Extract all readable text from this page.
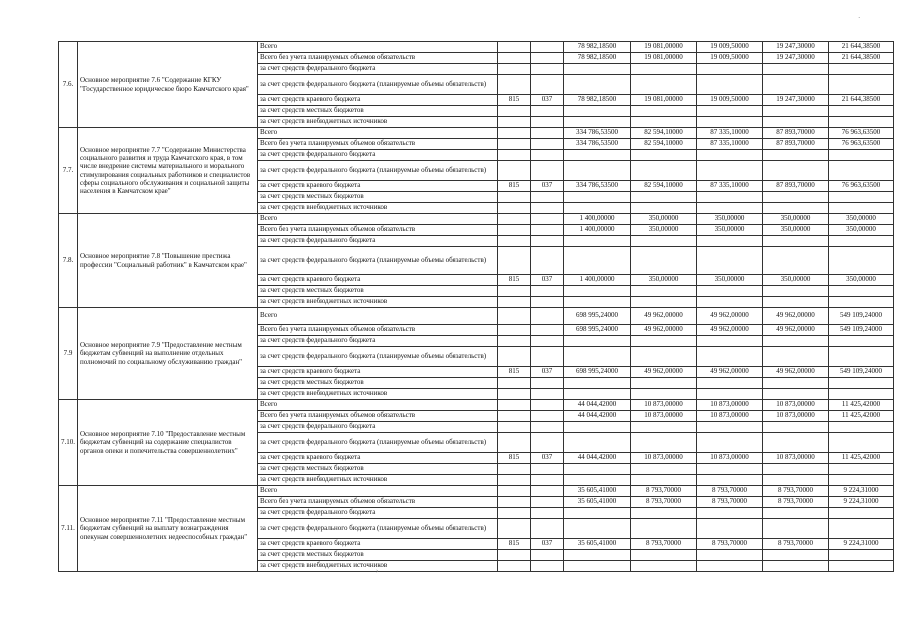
·
7.6.	Основное мероприятие 7.6 "Содержание КГКУ "Государственное юридическое бюро Камчатского края"	Всего			78 982,18500	19 081,00000	19 009,50000	19 247,30000	21 644,38500
		Всего без учета планируемых объемов обязательств			78 982,18500	19 081,00000	19 009,50000	19 247,30000	21 644,38500
		за счет средств федерального бюджета							
		за счет средств федерального бюджета (планируемые объемы обязательств)							
		за счет средств краевого бюджета	815	037	78 982,18500	19 081,00000	19 009,50000	19 247,30000	21 644,38500
		за счет средств местных бюджетов							
		за счет средств внебюджетных источников							
7.7.	Основное мероприятие 7.7 "Содержание Министерства социального развития и труда Камчатского края, в том числе внедрение системы материального и морального стимулирования социальных работников и специалистов сферы социального обслуживания и социальной защиты населения в Камчатском крае"	Всего			334 786,53500	82 594,10000	87 335,10000	87 893,70000	76 963,63500
		Всего без учета планируемых объемов обязательств			334 786,53500	82 594,10000	87 335,10000	87 893,70000	76 963,63500
		за счет средств федерального бюджета							
		за счет средств федерального бюджета (планируемые объемы обязательств)							
		за счет средств краевого бюджета	815	037	334 786,53500	82 594,10000	87 335,10000	87 893,70000	76 963,63500
		за счет средств местных бюджетов							
		за счет средств внебюджетных источников							
7.8.	Основное мероприятие 7.8 "Повышение престижа профессии "Социальный работник" в Камчатском крае"	Всего			1 400,00000	350,00000	350,00000	350,00000	350,00000
		Всего без учета планируемых объемов обязательств			1 400,00000	350,00000	350,00000	350,00000	350,00000
		за счет средств федерального бюджета							
		за счет средств федерального бюджета (планируемые объемы обязательств)							
		за счет средств краевого бюджета	815	037	1 400,00000	350,00000	350,00000	350,00000	350,00000
		за счет средств местных бюджетов							
		за счет средств внебюджетных источников							
7.9	Основное мероприятие 7.9 "Предоставление местным бюджетам субвенций на выполнение отдельных полномочий по социальному обслуживанию граждан"	Всего			698 995,24000	49 962,00000	49 962,00000	49 962,00000	549 109,24000
		Всего без учета планируемых объемов обязательств			698 995,24000	49 962,00000	49 962,00000	49 962,00000	549 109,24000
		за счет средств федерального бюджета							
		за счет средств федерального бюджета (планируемые объемы обязательств)							
		за счет средств краевого бюджета	815	037	698 995,24000	49 962,00000	49 962,00000	49 962,00000	549 109,24000
		за счет средств местных бюджетов							
		за счет средств внебюджетных источников							
7.10.	Основное мероприятие 7.10 "Предоставление местным бюджетам субвенций на содержание специалистов органов опеки и попечительства совершеннолетних"	Всего			44 044,42000	10 873,00000	10 873,00000	10 873,00000	11 425,42000
		Всего без учета планируемых объемов обязательств			44 044,42000	10 873,00000	10 873,00000	10 873,00000	11 425,42000
		за счет средств федерального бюджета							
		за счет средств федерального бюджета (планируемые объемы обязательств)							
		за счет средств краевого бюджета	815	037	44 044,42000	10 873,00000	10 873,00000	10 873,00000	11 425,42000
		за счет средств местных бюджетов							
		за счет средств внебюджетных источников							
7.11.	Основное мероприятие 7.11 "Предоставление местным бюджетам субвенций на выплату вознаграждения опекунам совершеннолетних недееспособных граждан"	Всего			35 605,41000	8 793,70000	8 793,70000	8 793,70000	9 224,31000
		Всего без учета планируемых объемов обязательств			35 605,41000	8 793,70000	8 793,70000	8 793,70000	9 224,31000
		за счет средств федерального бюджета							
		за счет средств федерального бюджета (планируемые объемы обязательств)							
		за счет средств краевого бюджета	815	037	35 605,41000	8 793,70000	8 793,70000	8 793,70000	9 224,31000
		за счет средств местных бюджетов							
		за счет средств внебюджетных источников							
›
